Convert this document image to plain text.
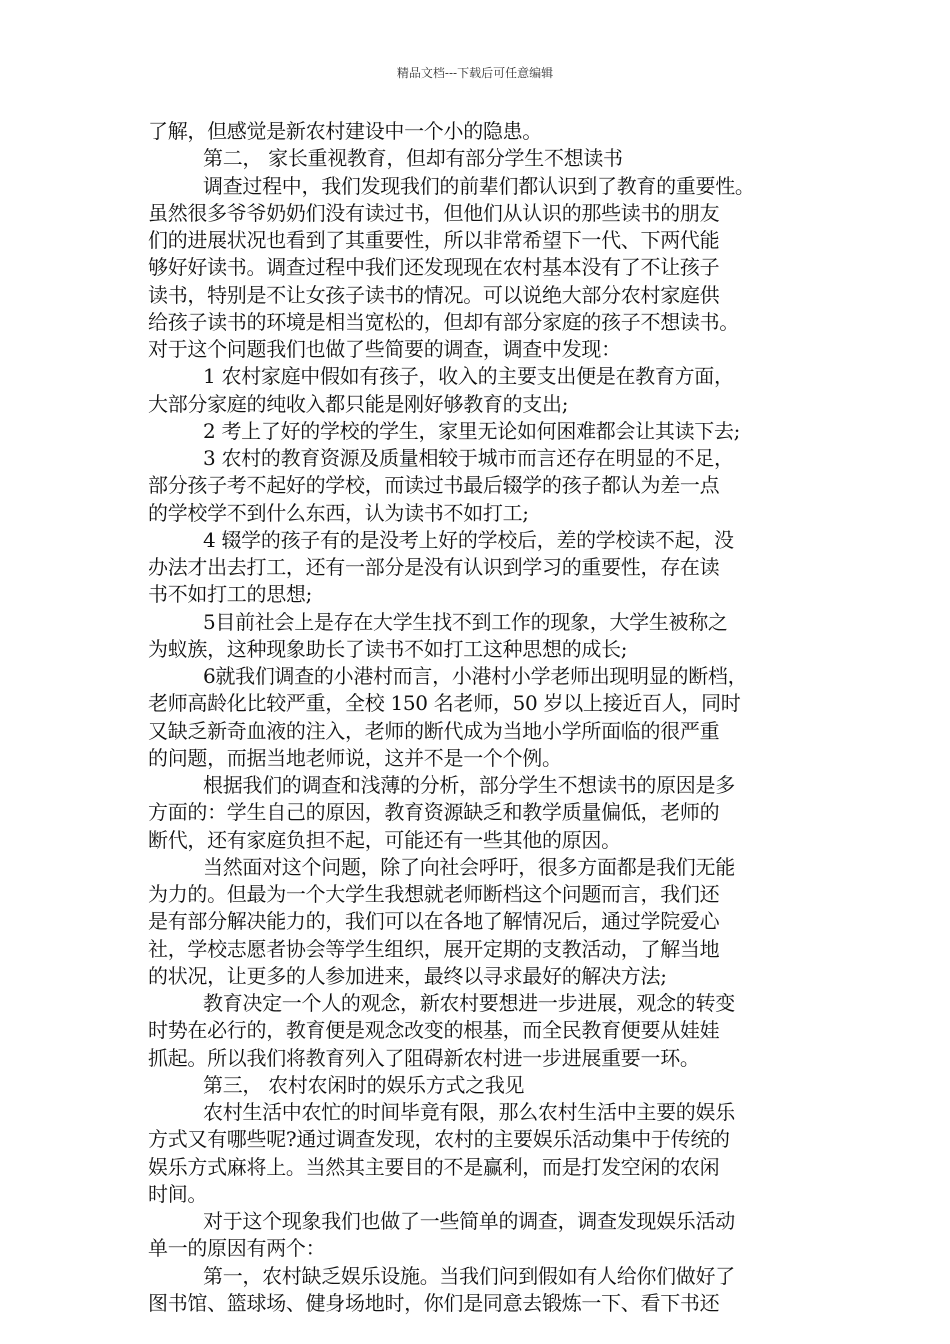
精品文档---下载后可任意编辑
了解，但感觉是新农村建设中一个小的隐患。
第二， 家长重视教育，但却有部分学生不想读书
调查过程中，我们发现我们的前辈们都认识到了教育的重要性。
虽然很多爷爷奶奶们没有读过书，但他们从认识的那些读书的朋友
们的进展状况也看到了其重要性，所以非常希望下一代、下两代能
够好好读书。调查过程中我们还发现现在农村基本没有了不让孩子
读书，特别是不让女孩子读书的情况。可以说绝大部分农村家庭供
给孩子读书的环境是相当宽松的，但却有部分家庭的孩子不想读书。
对于这个问题我们也做了些简要的调查，调查中发现：
1 农村家庭中假如有孩子，收入的主要支出便是在教育方面，
大部分家庭的纯收入都只能是刚好够教育的支出;
2 考上了好的学校的学生，家里无论如何困难都会让其读下去;
3 农村的教育资源及质量相较于城市而言还存在明显的不足，
部分孩子考不起好的学校，而读过书最后辍学的孩子都认为差一点
的学校学不到什么东西，认为读书不如打工;
4 辍学的孩子有的是没考上好的学校后，差的学校读不起，没
办法才出去打工，还有一部分是没有认识到学习的重要性，存在读
书不如打工的思想;
5目前社会上是存在大学生找不到工作的现象，大学生被称之
为蚁族，这种现象助长了读书不如打工这种思想的成长;
6就我们调查的小港村而言，小港村小学老师出现明显的断档，
老师高龄化比较严重，全校 150 名老师，50 岁以上接近百人，同时
又缺乏新奇血液的注入，老师的断代成为当地小学所面临的很严重
的问题，而据当地老师说，这并不是一个个例。
根据我们的调查和浅薄的分析，部分学生不想读书的原因是多
方面的：学生自己的原因，教育资源缺乏和教学质量偏低，老师的
断代，还有家庭负担不起，可能还有一些其他的原因。
当然面对这个问题，除了向社会呼吁，很多方面都是我们无能
为力的。但最为一个大学生我想就老师断档这个问题而言，我们还
是有部分解决能力的，我们可以在各地了解情况后，通过学院爱心
社，学校志愿者协会等学生组织，展开定期的支教活动，了解当地
的状况，让更多的人参加进来，最终以寻求最好的解决方法;
教育决定一个人的观念，新农村要想进一步进展，观念的转变
时势在必行的，教育便是观念改变的根基，而全民教育便要从娃娃
抓起。所以我们将教育列入了阻碍新农村进一步进展重要一环。
第三， 农村农闲时的娱乐方式之我见
农村生活中农忙的时间毕竟有限，那么农村生活中主要的娱乐
方式又有哪些呢?通过调查发现，农村的主要娱乐活动集中于传统的
娱乐方式麻将上。当然其主要目的不是赢利，而是打发空闲的农闲
时间。
对于这个现象我们也做了一些简单的调查，调查发现娱乐活动
单一的原因有两个：
第一，农村缺乏娱乐设施。当我们问到假如有人给你们做好了
图书馆、篮球场、健身场地时，你们是同意去锻炼一下、看下书还
